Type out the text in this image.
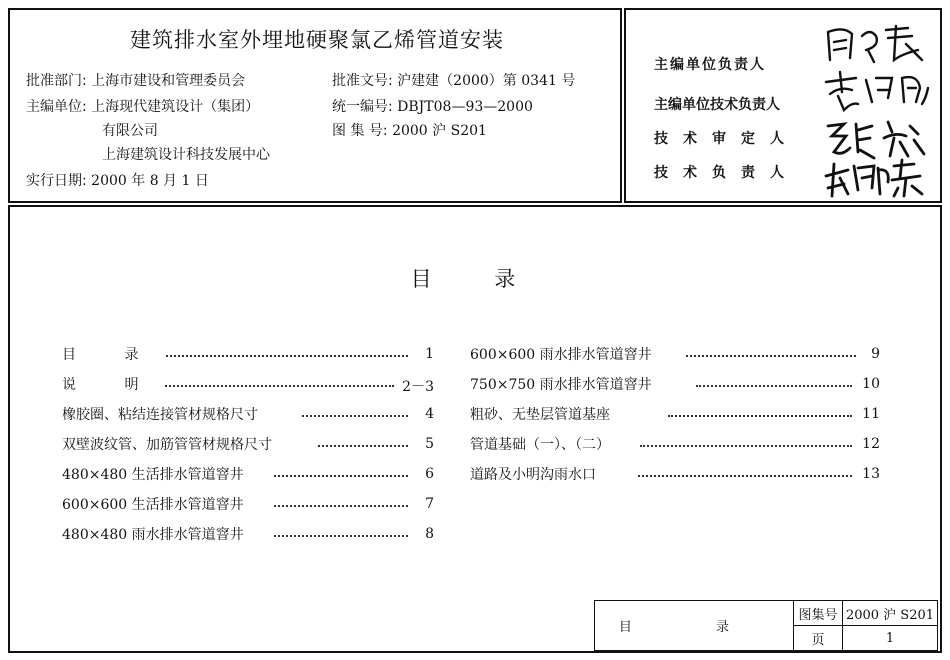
建筑排水室外埋地硬聚氯乙烯管道安装
批准部门: 上海市建设和管理委员会	批准文号: 沪建建（2000）第 0341 号
主编单位: 上海现代建筑设计（集团）	统一编号: DBJT08—93—2000
有限公司	图 集 号: 2000 沪 S201
上海建筑设计科技发展中心
实行日期: 2000 年 8 月 1 日
主编单位负责人
主编单位技术负责人
技术审定人
技术负责人
目 录
目 录	1
说 明	2－3
橡胶圈、粘结连接管材规格尺寸	4
双壁波纹管、加筋管管材规格尺寸	5
480×480 生活排水管道窨井	6
600×600 生活排水管道窨井	7
480×480 雨水排水管道窨井	8
600×600 雨水排水管道窨井	9
750×750 雨水排水管道窨井	10
粗砂、无垫层管道基座	11
管道基础（一）、（二）	12
道路及小明沟雨水口	13
目 录	图集号	2000 沪 S201
	页	1
